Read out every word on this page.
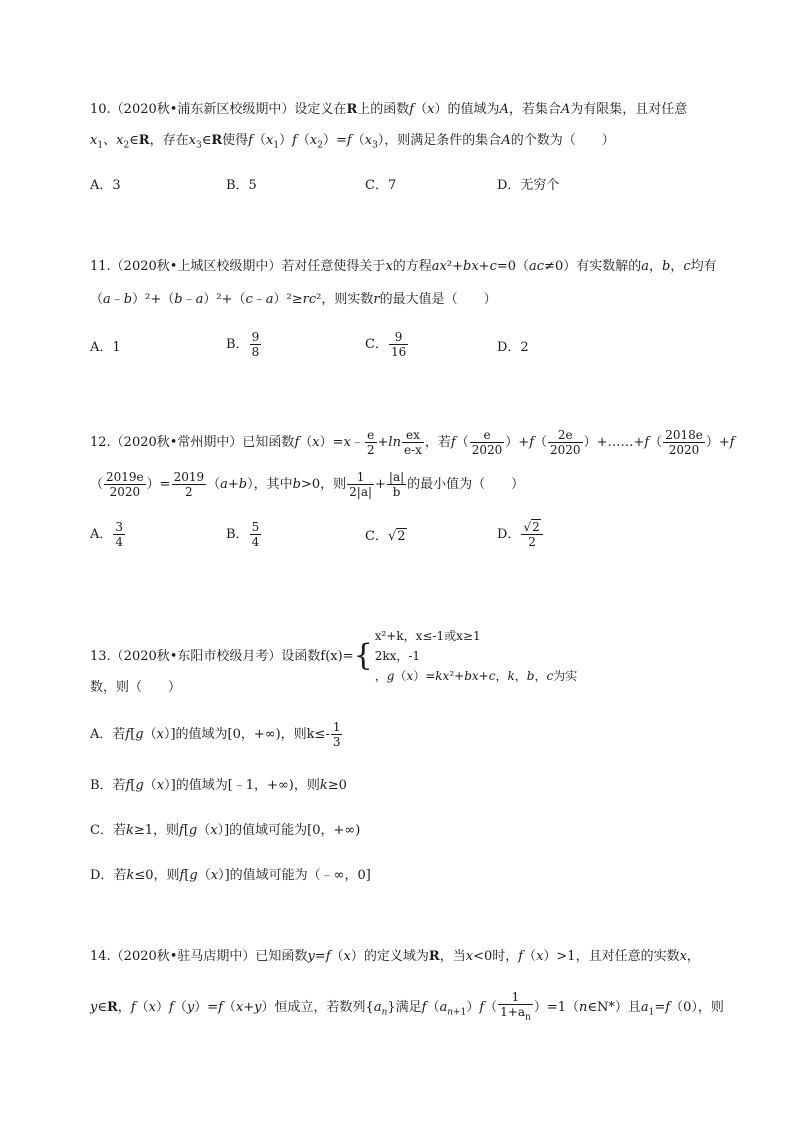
10.（2020秋•浦东新区校级期中）设定义在R上的函数f（x）的值域为A，若集合A为有限集，且对任意
$x_1$、$x_2\in R$，存在$x_3\in R$使得$f(x_1)f(x_2)=f(x_3)$，则满足条件的集合A的个数为（　　）
A．3	B．5	C．7	D．无穷个
11.（2020秋•上城区校级期中）若对任意使得关于x的方程ax²+bx+c=0（ac≠0）有实数解的a，b，c均有
（a﹣b）²+（b﹣a）²+（c﹣a）²≥rc²，则实数r的最大值是（　　）
A．1	B． $\frac{9}{8}$	C． $\frac{9}{16}$	D．2
12.（2020秋•常州期中）已知函数f（x）=x﹣ $\frac{e}{2} +\ln \frac{ex}{e-x}$ ，若$f( \frac{e}{2020} )+f( \frac{2e}{2020}$ ）+……+f（ $\frac{2018e}{2020} )+f$
（ $\frac{2019e}{2020}$ ）= $\frac{2019}{2} (a+b)$，其中b>0，则 $\frac{1}{2|a|} + \frac{|a|}{b}$ 的最小值为（　　）
A． $\frac{3}{4}$	B． $\frac{5}{4}$	C．√2	D． $\frac{√2}{2}$
13.（2020秋•东阳市校级月考）设函数f(x)={
x²+k，x≤-1或x≥1
2kx，-1
，g（x）=kx²+bx+c，k，b，c为实
数，则（　　）
A．若f[g（x）]的值域为[0，+∞)，则$k\le- \frac{1}{3}$
B．若f[g（x）]的值域为[﹣1，+∞)，则k≥0
C．若k≥1，则f[g（x）]的值域可能为[0，+∞)
D．若k≤0，则f[g（x）]的值域可能为（﹣∞，0]
14.（2020秋•驻马店期中）已知函数y=f（x）的定义域为R，当x<0时，f（x）>1，且对任意的实数x，
y∈R，f（x）f（y）=f（x+y）恒成立，若数列$\{a_n\}$满足$f(a_{n+1})f( \frac{1}{1+a_n}$ ）=1（n∈N*）且$a_1=f(0)$，则
